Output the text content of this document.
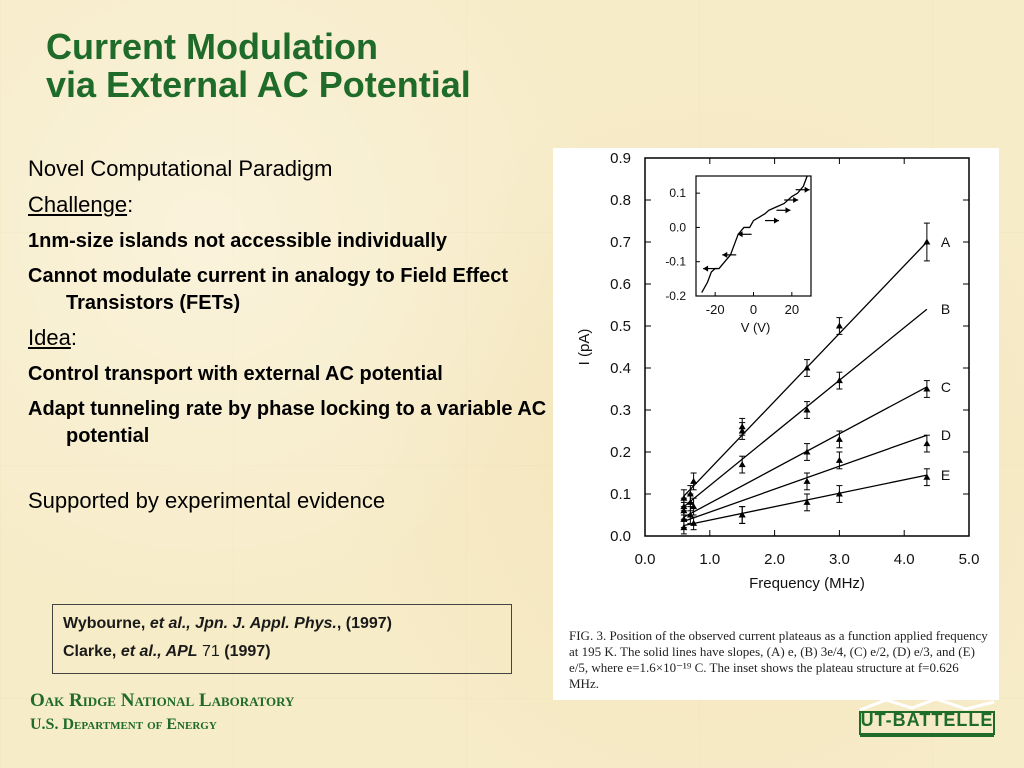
Current Modulation
via External AC Potential

Novel Computational Paradigm

Challenge:

1nm-size islands not accessible individually

Cannot modulate current in analogy to Field Effect Transistors (FETs)

Idea:

Control transport with external AC potential

Adapt tunneling rate by phase locking to a variable AC potential

Supported by experimental evidence

Wybourne, et al., Jpn. J. Appl. Phys., (1997)
Clarke, et al., APL 71 (1997)
Oak Ridge National Laboratory
U.S. Department of Energy
0.0
0.1
0.2
0.3
0.4
0.5
0.6
0.7
0.8
0.9
0.0	1.0	2.0	3.0	4.0	5.0
Frequency (MHz)
I (pA)
A
B
C
D
E
0.1
0.0
-0.1
-0.2
-20 0 20
V (V)

FIG. 3. Position of the observed current plateaus as a function applied frequency at 195 K. The solid lines have slopes, (A) e, (B) 3e/4, (C) e/2, (D) e/3, and (E) e/5, where e=1.6×10⁻¹⁹ C. The inset shows the plateau structure at f=0.626 MHz.

UT-BATTELLE
